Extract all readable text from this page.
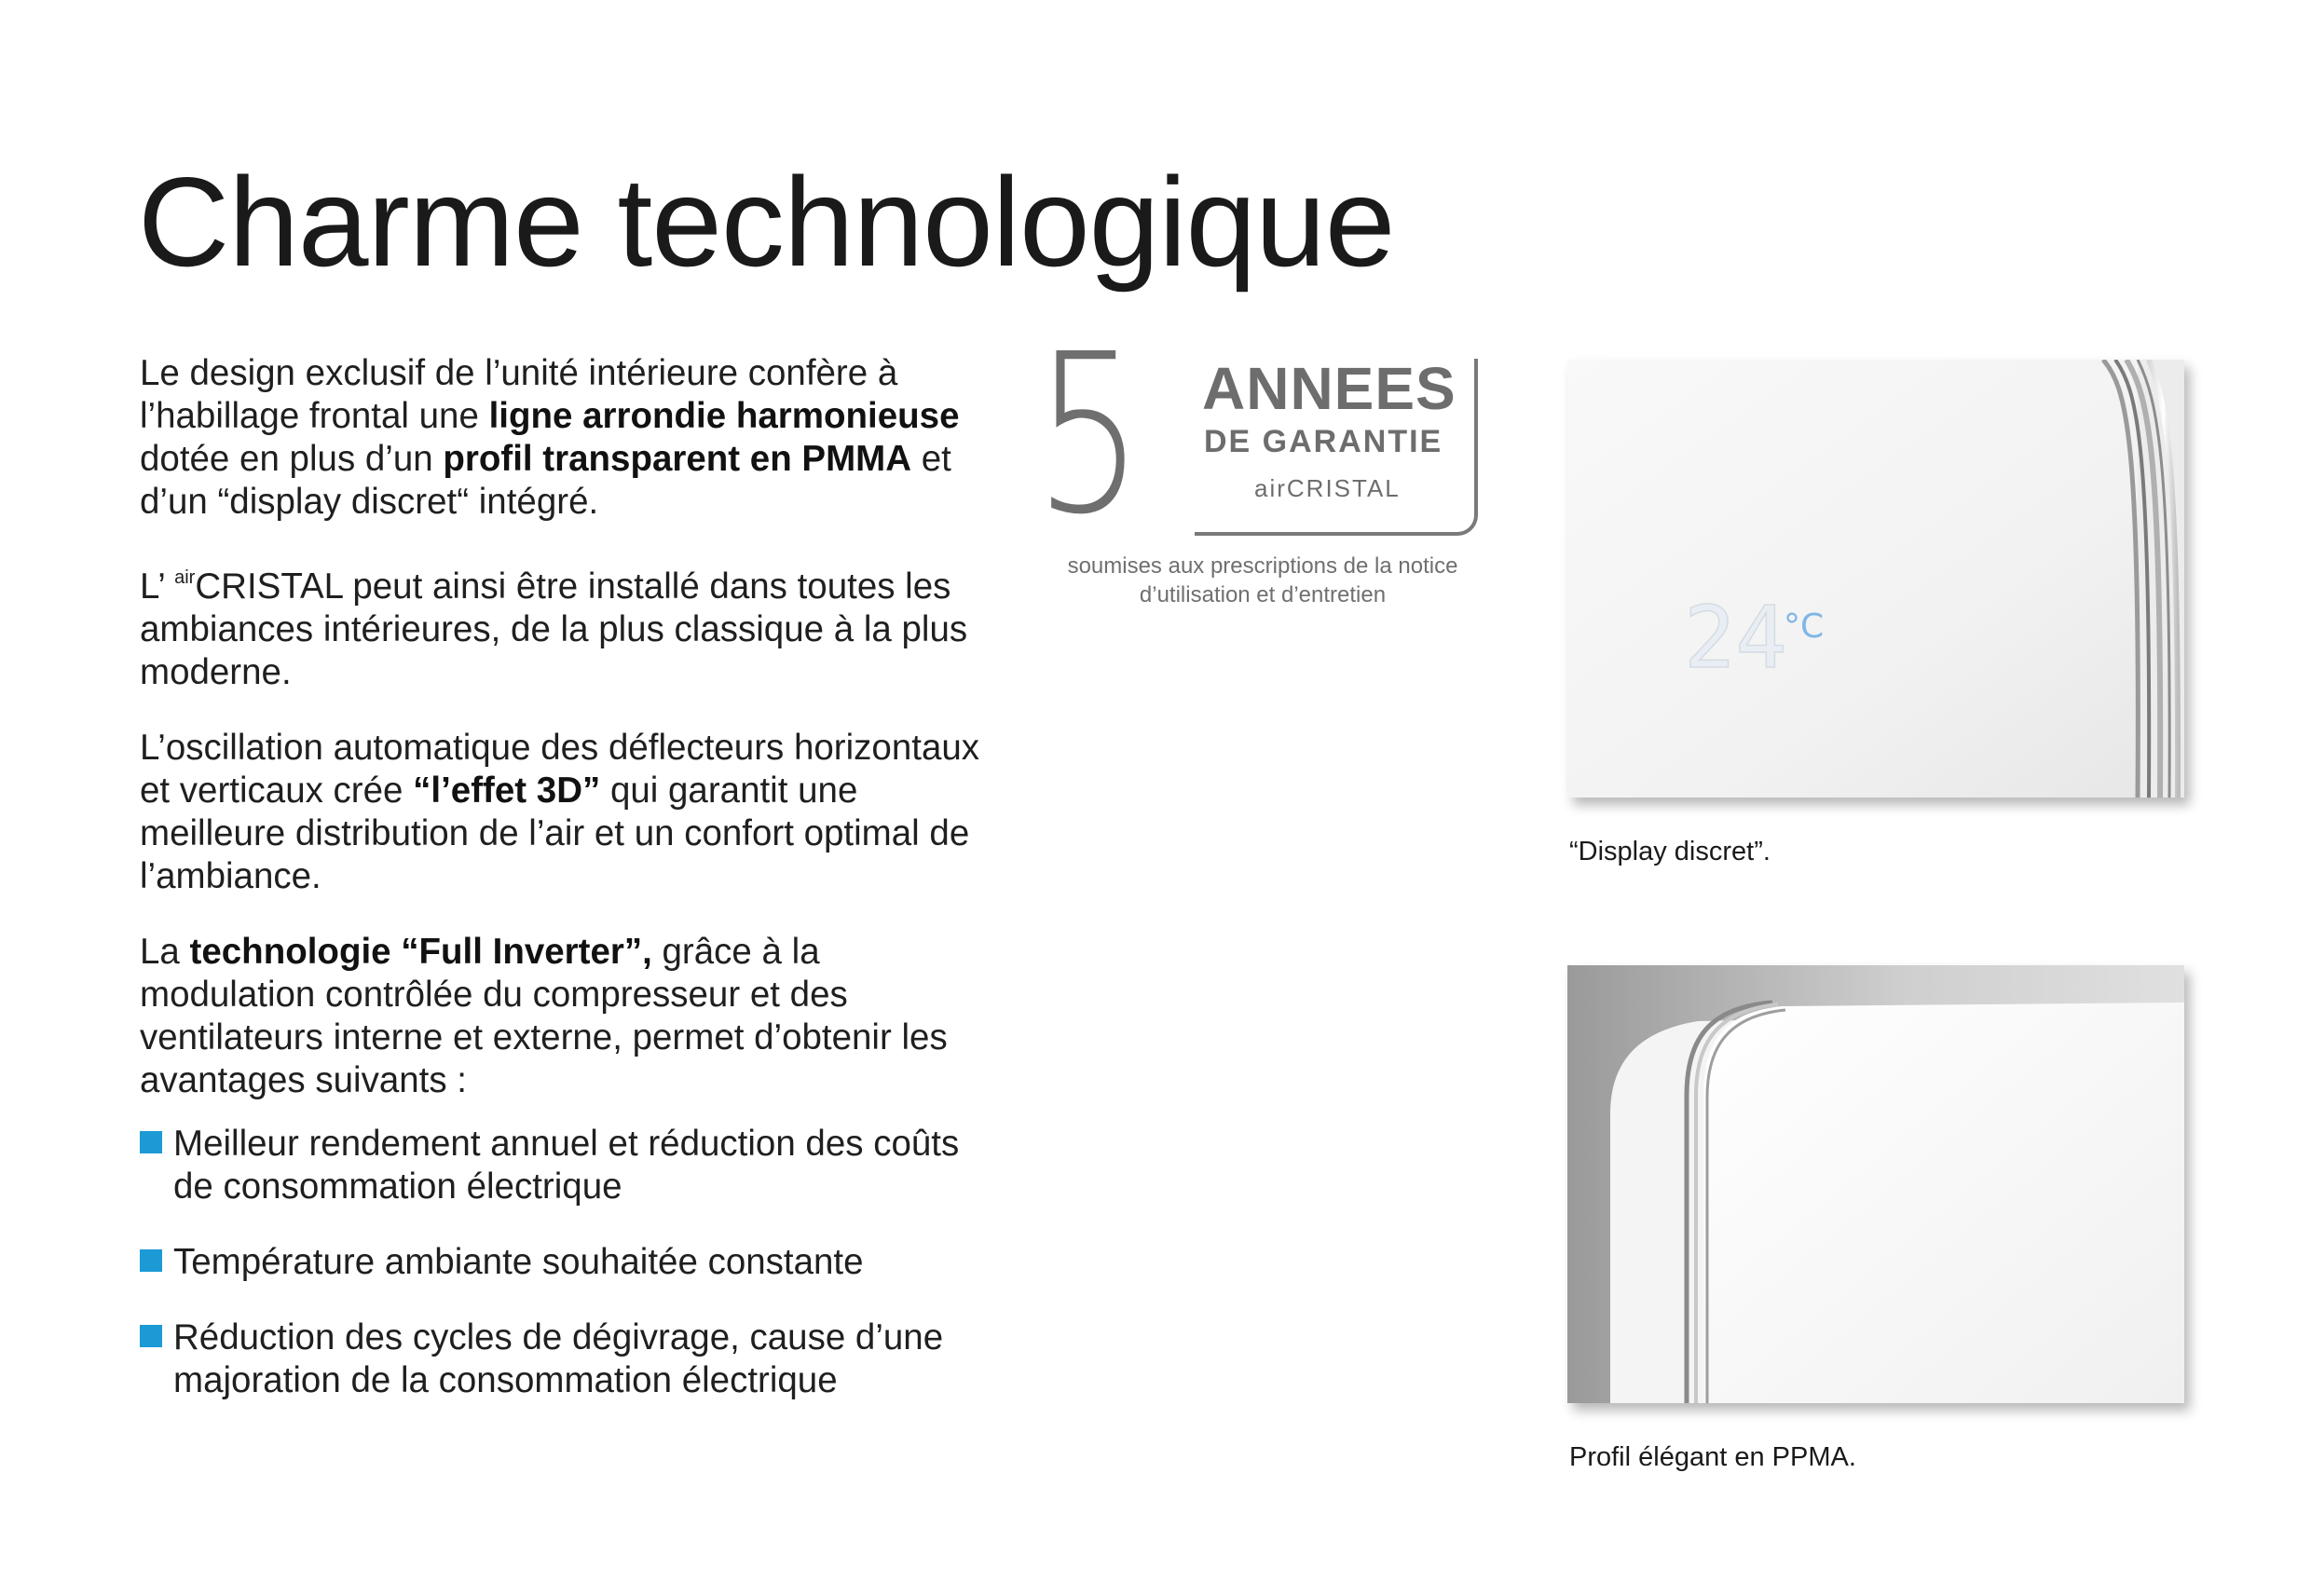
Charme technologique

Le design exclusif de l’unité intérieure confère à l’habillage frontal une ligne arrondie harmonieuse dotée en plus d’un profil transparent en PMMA et d’un “display discret“ intégré.

L’ $^{air}$CRISTAL peut ainsi être installé dans toutes les ambiances intérieures, de la plus classique à la plus moderne.

L’oscillation automatique des déflecteurs horizontaux et verticaux crée “l’effet 3D” qui garantit une meilleure distribution de l’air et un confort optimal de l’ambiance.

La technologie “Full Inverter”, grâce à la modulation contrôlée du compresseur et des ventilateurs interne et externe, permet d’obtenir les avantages suivants :

Meilleur rendement annuel et réduction des coûts de consommation électrique
Température ambiante souhaitée constante
Réduction des cycles de dégivrage, cause d’une majoration de la consommation électrique
5 ANNEES
DE GARANTIE
airCRISTAL
soumises aux prescriptions de la notice d’utilisation et d’entretien	24
°C
“Display discret”.
Profil élégant en PPMA.
